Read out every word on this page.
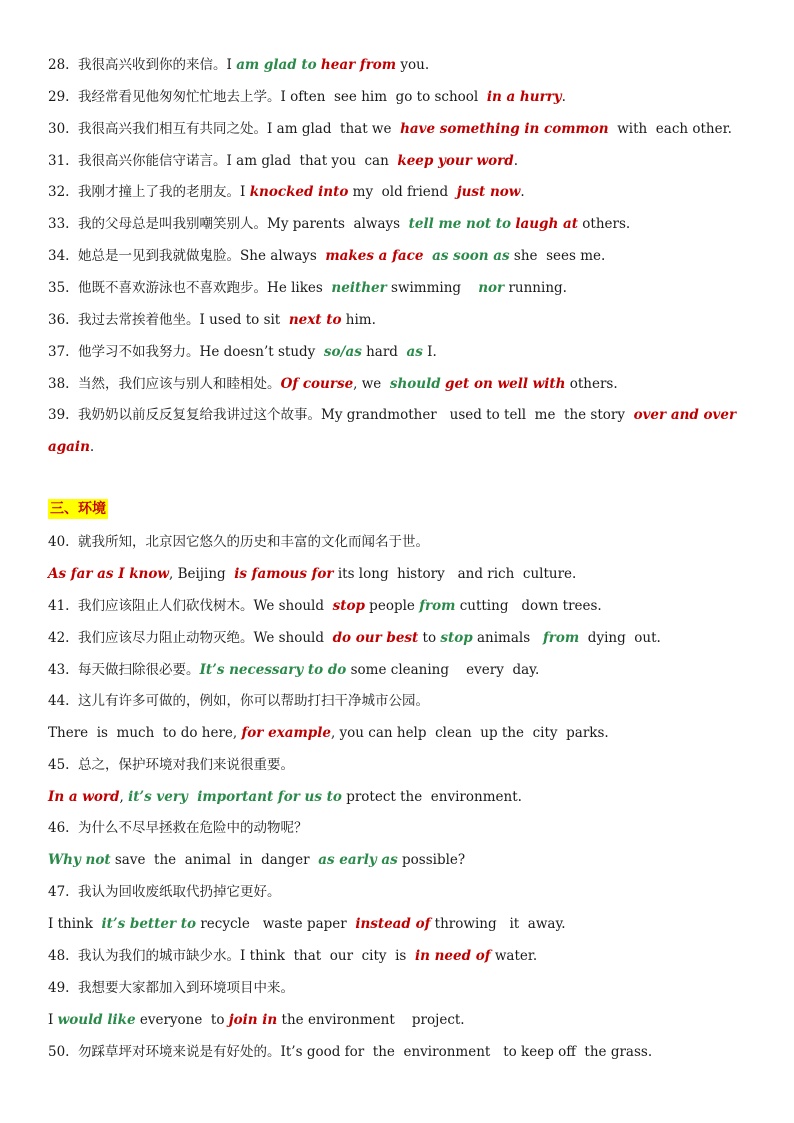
28.  我很高兴收到你的来信。I am glad to hear from you.
29.  我经常看见他匆匆忙忙地去上学。I often  see him  go to school  in a hurry.
30.  我很高兴我们相互有共同之处。I am glad  that we  have something in common  with  each other.
31.  我很高兴你能信守诺言。I am glad  that you  can  keep your word.
32.  我刚才撞上了我的老朋友。I knocked into my  old friend  just now.
33.  我的父母总是叫我别嘲笑别人。My parents  always  tell me not to laugh at others.
34.  她总是一见到我就做鬼脸。She always  makes a face as soon as she  sees me.
35.  他既不喜欢游泳也不喜欢跑步。He likes  neither swimming    nor running.
36.  我过去常挨着他坐。I used to sit  next to him.
37.  他学习不如我努力。He doesn’t study  so/as hard  as I.
38.  当然，我们应该与别人和睦相处。Of course, we  should get on well with others.
39.  我奶奶以前反反复复给我讲过这个故事。My grandmother   used to tell  me  the story  over and over
again.
40.  就我所知，北京因它悠久的历史和丰富的文化而闻名于世。
As far as I know, Beijing  is famous for its long  history   and rich  culture.
41.  我们应该阻止人们砍伐树木。We should  stop people from cutting   down trees.
42.  我们应该尽力阻止动物灭绝。We should  do our best to stop animals   from  dying  out.
43.  每天做扫除很必要。It’s necessary to do some cleaning    every  day.
44.  这儿有许多可做的，例如，你可以帮助打扫干净城市公园。
There  is  much  to do here, for example, you can help  clean  up the  city  parks.
45.  总之，保护环境对我们来说很重要。
In a word, it’s very  important for us to protect the  environment.
46.  为什么不尽早拯救在危险中的动物呢？
Why not save  the  animal  in  danger  as early as possible?
47.  我认为回收废纸取代扔掉它更好。
I think  it’s better to recycle   waste paper  instead of throwing   it  away.
48.  我认为我们的城市缺少水。I think  that  our  city  is  in need of water.
49.  我想要大家都加入到环境项目中来。
I would like everyone  to join in the environment    project.
50.  勿踩草坪对环境来说是有好处的。It’s good for  the  environment   to keep off  the grass.
三、环境
